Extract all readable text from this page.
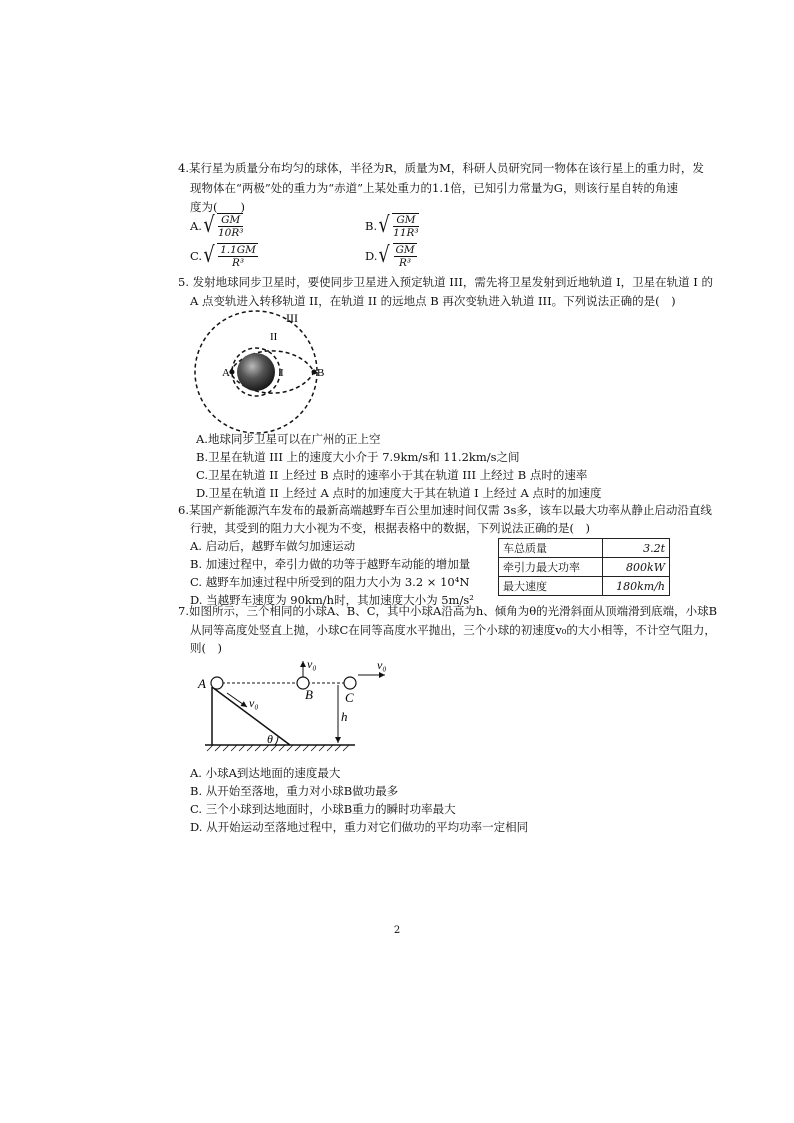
4.某行星为质量分布均匀的球体，半径为R，质量为M，科研人员研究同一物体在该行星上的重力时，发
现物体在“两极”处的重力为“赤道”上某处重力的1.1倍，已知引力常量为G，则该行星自转的角速
度为(　　)
A. √ $\frac{GM}{\text{10R³}}$	B. √ $\frac{GM}{\text{11R³}}$
C. √ $\frac{1.1GM}{\text{R³}}$	D. √ $\frac{GM}{\text{R³}}$
5. 发射地球同步卫星时，要使同步卫星进入预定轨道 III，需先将卫星发射到近地轨道 I，卫星在轨道 I 的
A 点变轨进入转移轨道 II，在轨道 II 的远地点 B 再次变轨进入轨道 III。下列说法正确的是(　)
III
II
I
A	B
A.地球同步卫星可以在广州的正上空
B.卫星在轨道 III 上的速度大小介于 7.9km/s和 11.2km/s之间
C.卫星在轨道 II 上经过 B 点时的速率小于其在轨道 III 上经过 B 点时的速率
D.卫星在轨道 II 上经过 A 点时的加速度大于其在轨道 I 上经过 A 点时的加速度
6.某国产新能源汽车发布的最新高端越野车百公里加速时间仅需 3s多，该车以最大功率从静止启动沿直线
行驶，其受到的阻力大小视为不变，根据表格中的数据，下列说法正确的是(　)
A. 启动后，越野车做匀加速运动
B. 加速过程中，牵引力做的功等于越野车动能的增加量
C. 越野车加速过程中所受到的阻力大小为 3.2 × 10⁴N
D. 当越野车速度为 90km/h时，其加速度大小为 5m/s²
车总质量	3.2t
牵引力最大功率	800kW
最大速度	180km/h
7.如图所示，三个相同的小球A、B、C，其中小球A沿高为h、倾角为θ的光滑斜面从顶端滑到底端，小球B
从同等高度处竖直上抛，小球C在同等高度水平抛出，三个小球的初速度v₀的大小相等，不计空气阻力，
则(　)
A
B C
h
θ
v₀	v₀
v₀
A. 小球A到达地面的速度最大
B. 从开始至落地，重力对小球B做功最多
C. 三个小球到达地面时，小球B重力的瞬时功率最大
D. 从开始运动至落地过程中，重力对它们做功的平均功率一定相同
2
